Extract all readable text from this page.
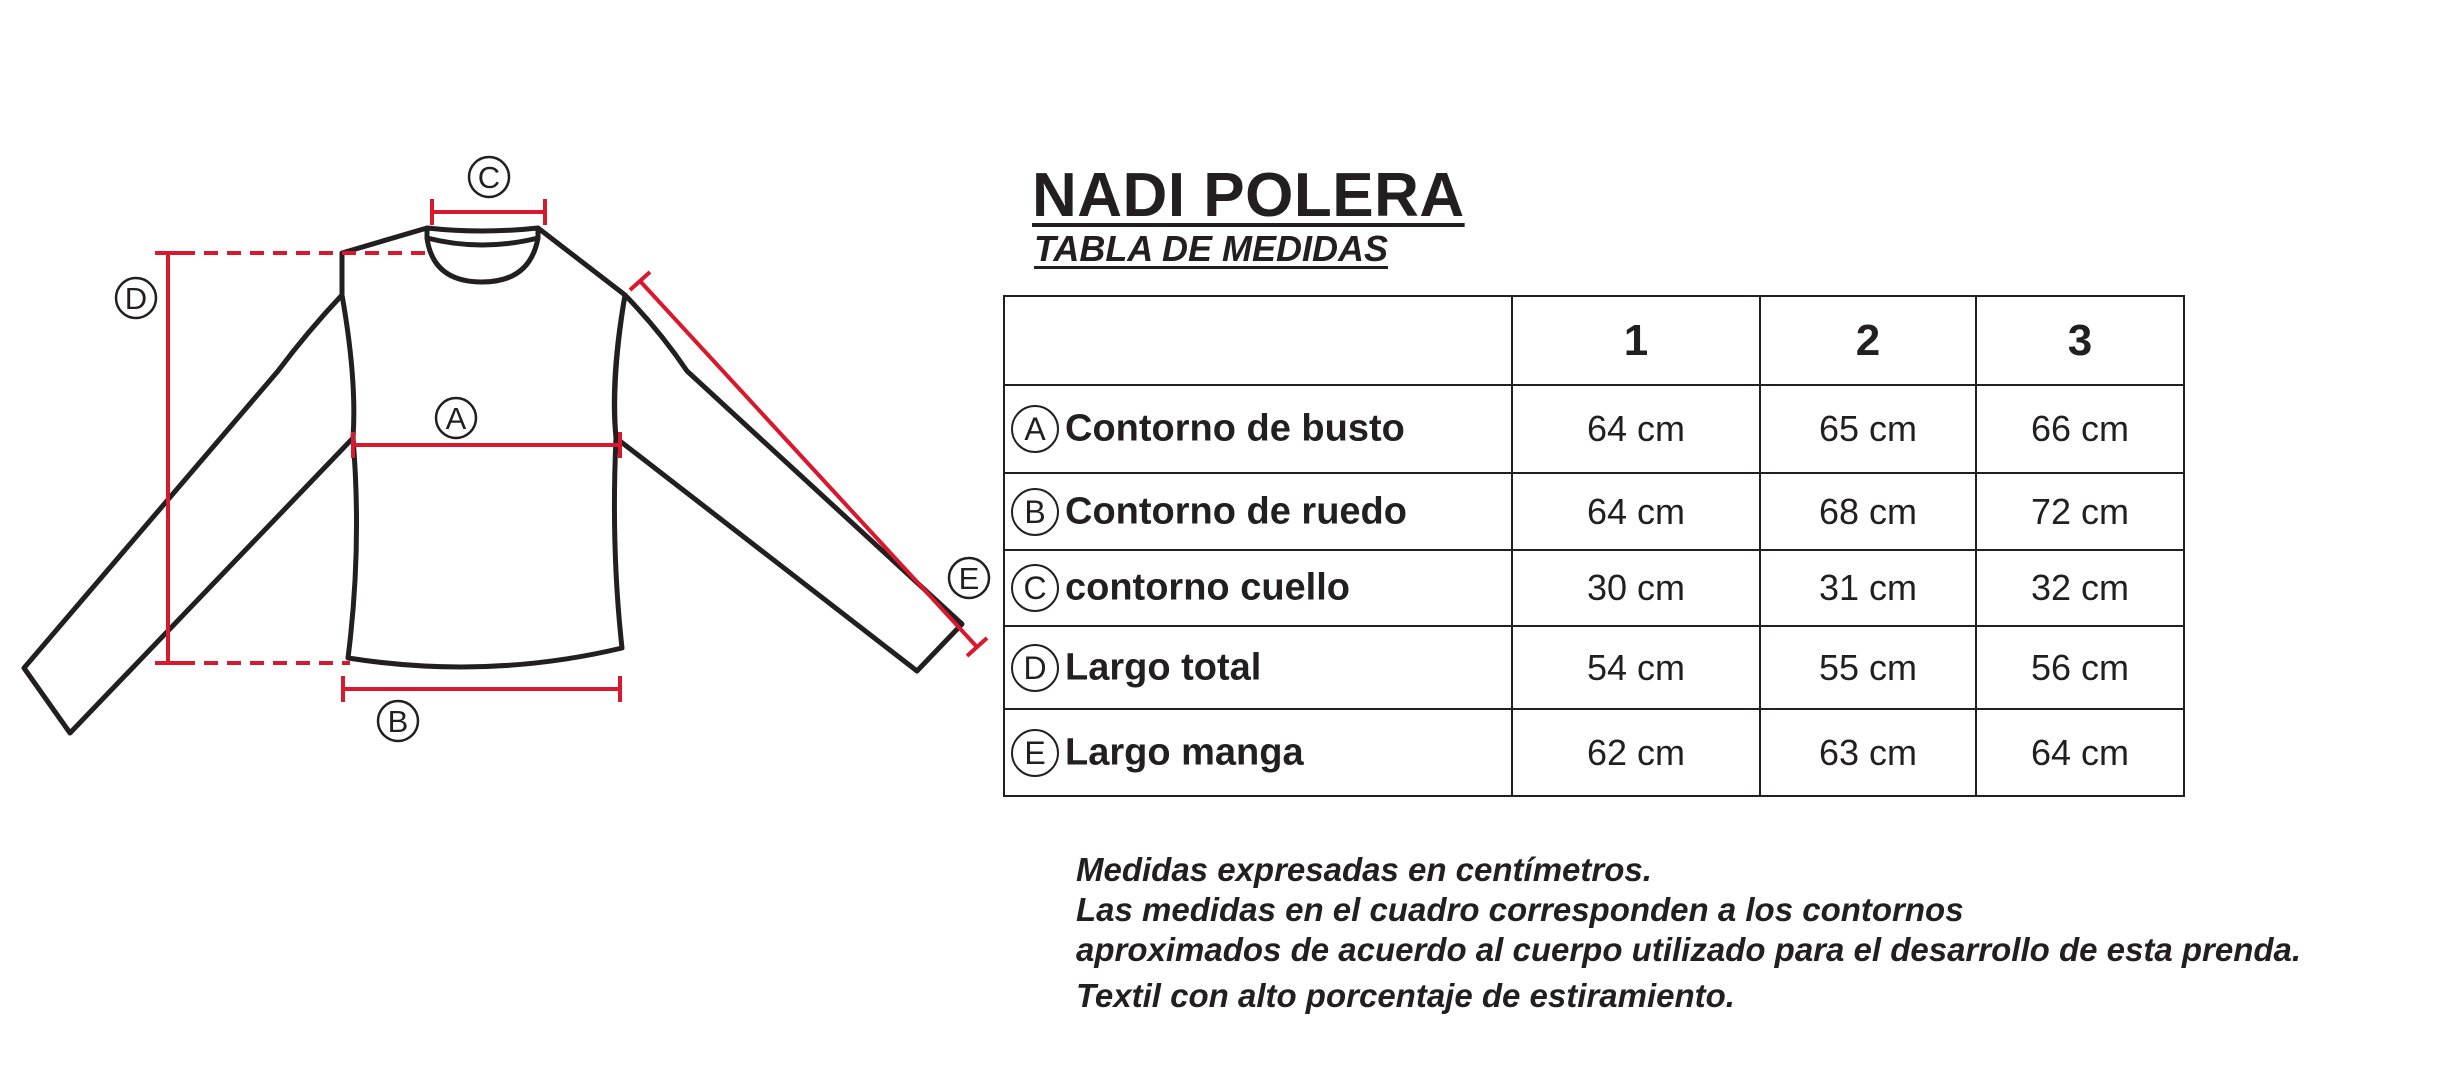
C
D
A
B
E
NADI POLERA
TABLA DE MEDIDAS
	1	2	3
A Contorno de busto	64 cm	65 cm	66 cm
B Contorno de ruedo	64 cm	68 cm	72 cm
C contorno cuello	30 cm	31 cm	32 cm
D Largo total	54 cm	55 cm	56 cm
E Largo manga	62 cm	63 cm	64 cm
Medidas expresadas en centímetros.
Las medidas en el cuadro corresponden a los contornos
aproximados de acuerdo al cuerpo utilizado para el desarrollo de esta prenda.
Textil con alto porcentaje de estiramiento.
